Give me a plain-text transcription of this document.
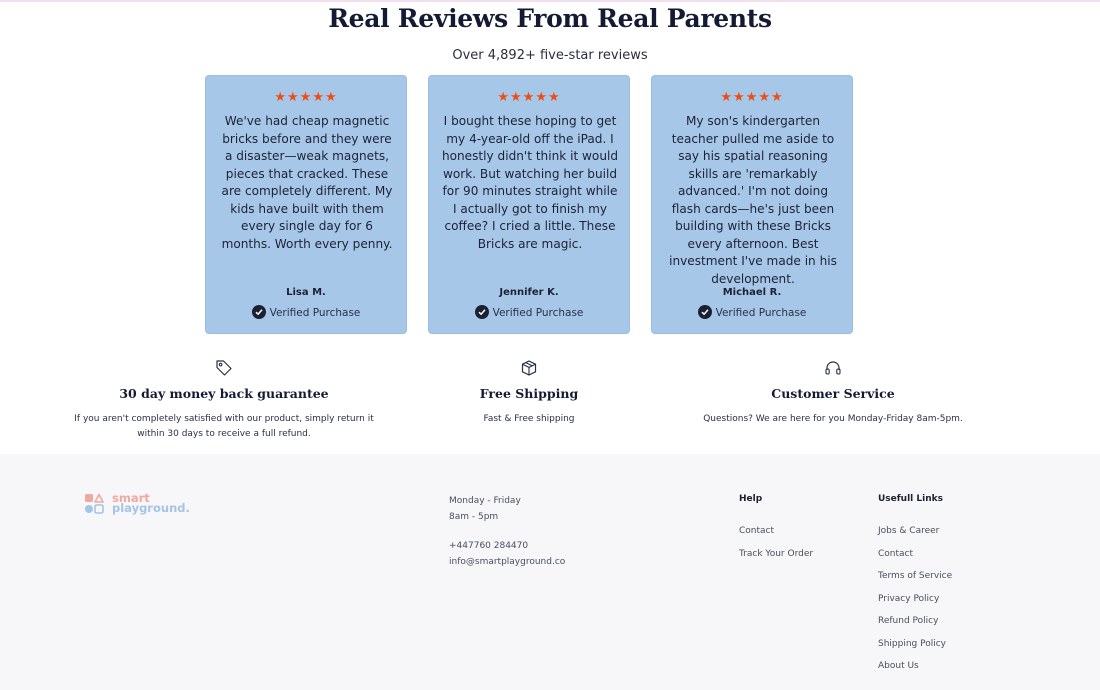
Real Reviews From Real Parents
Over 4,892+ five-star reviews
★★★★★
We've had cheap magnetic bricks before and they were a disaster—weak magnets, pieces that cracked. These are completely different. My kids have built with them every single day for 6 months. Worth every penny.
Lisa M.
Verified Purchase
★★★★★
I bought these hoping to get my 4-year-old off the iPad. I honestly didn't think it would work. But watching her build for 90 minutes straight while I actually got to finish my coffee? I cried a little. These Bricks are magic.
Jennifer K.
Verified Purchase
★★★★★
My son's kindergarten teacher pulled me aside to say his spatial reasoning skills are 'remarkably advanced.' I'm not doing flash cards—he's just been building with these Bricks every afternoon. Best investment I've made in his development.
Michael R.
Verified Purchase
30 day money back guarantee
If you aren't completely satisfied with our product, simply return it
within 30 days to receive a full refund.
Free Shipping
Fast & Free shipping
Customer Service
Questions? We are here for you Monday-Friday 8am-5pm.
smart
playground.	Monday - Friday
8am - 5pm
+447760 284470
info@smartplayground.co
Help
Contact
Track Your Order
Usefull Links
Jobs & Career
Contact
Terms of Service
Privacy Policy
Refund Policy
Shipping Policy
About Us
